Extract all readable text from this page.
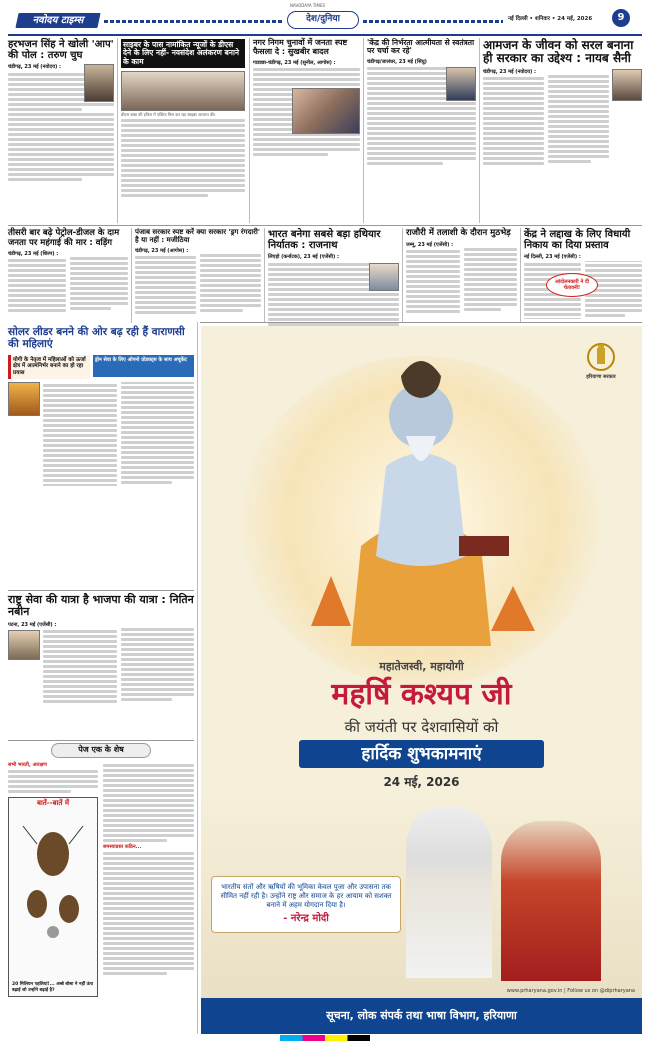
नवोदय टाइम्स
NAVODAYA TIMES
देश/दुनिया	नई दिल्ली • शनिवार • 24 मई, 2026	9
हरभजन सिंह ने खोली 'आप' की पोल : तरुण चुघ
चंडीगढ़, 23 मई (नवोदय) :
साइबर के पास नामांकित न्यूजों के डीएस देने के लिए नहीं- नवसंदेश अलंकरण बनाने के काम
डीएस बाबा की हत्रिज में एक्टिव मिल कर रहा साइबर अपराध की।
नगर निगम चुनावों में जनता स्पष्ट फैसला दे : सुखबीर बादल
गाडाछा-चंडीगढ़, 23 मई (सुनील, आगोस) :
'केंद्र की निर्भरता आत्मीयता से स्वतंत्रता पर चर्चा कर रहे'
चंडीगढ़/जालंधर, 23 मई (सिंधु)
आमजन के जीवन को सरल बनाना ही सरकार का उद्देश्य : नायब सैनी
चंडीगढ़, 23 मई (नवोदय) :
तीसरी बार बढ़े पेट्रोल-डीजल के दाम जनता पर महंगाई की मार : वड़िंग
चंडीगढ़, 23 मई (शिल्प) :
पंजाब सरकार स्पष्ट करें क्या सरकार 'ड्रग रंगदारी' है या नहीं : मजीठिया
चंडीगढ़, 23 मई (आगोस) :
भारत बनेगा सबसे बड़ा हथियार निर्यातक : राजनाथ
लिएहो (कर्नाटक), 23 मई (एजेंसी) :
राजौरी में तलाशी के दौरान मुठभेड़
जम्मू, 23 मई (एजेंसी) :
केंद्र ने लद्दाख के लिए विधायी निकाय का दिया प्रस्ताव
नई दिल्ली, 23 मई (एजेंसी) :
आंदोलनकारी ने दी चेतावनी!
सोलर लीडर बनने की ओर बढ़ रही हैं वाराणसी की महिलाएं
योगी के नेतृत्व में महिलाओं को ऊर्जा क्षेत्र में आत्मनिर्भर बनाने का हो रहा प्रयास
ड्रोन सेवा के लिए ओपनो प्रोडक्ट्स के साथ अचूकेंट
राष्ट्र सेवा की यात्रा है भाजपा की यात्रा : नितिन नबीन
पटना, 23 मई (एजेंसी) :
पेज एक के शेष
सभी भारती, आरक्षण
बातें--बातें में
20 मिलियन पहलियां!... अब्बे बोसा ने नहीं ऊंच बढ़ाई जो उन्होंने बढ़ाई है?
समस्याग्रस्त कठिन...
हरियाणा सरकार
महातेजस्वी, महायोगी
महर्षि कश्यप जी
की जयंती पर देशवासियों को
हार्दिक शुभकामनाएं
24 मई, 2026
भारतीय संतों और ऋषियों की भूमिका केवल पूजा और उपासना तक सीमित नहीं रही है। उन्होंने राष्ट्र और समाज के हर आयाम को सशक्त बनाने में अहम योगदान दिया है।
- नरेन्द्र मोदी
www.prharyana.gov.in | Follow us on @diprharyana
सूचना, लोक संपर्क तथा भाषा विभाग, हरियाणा
